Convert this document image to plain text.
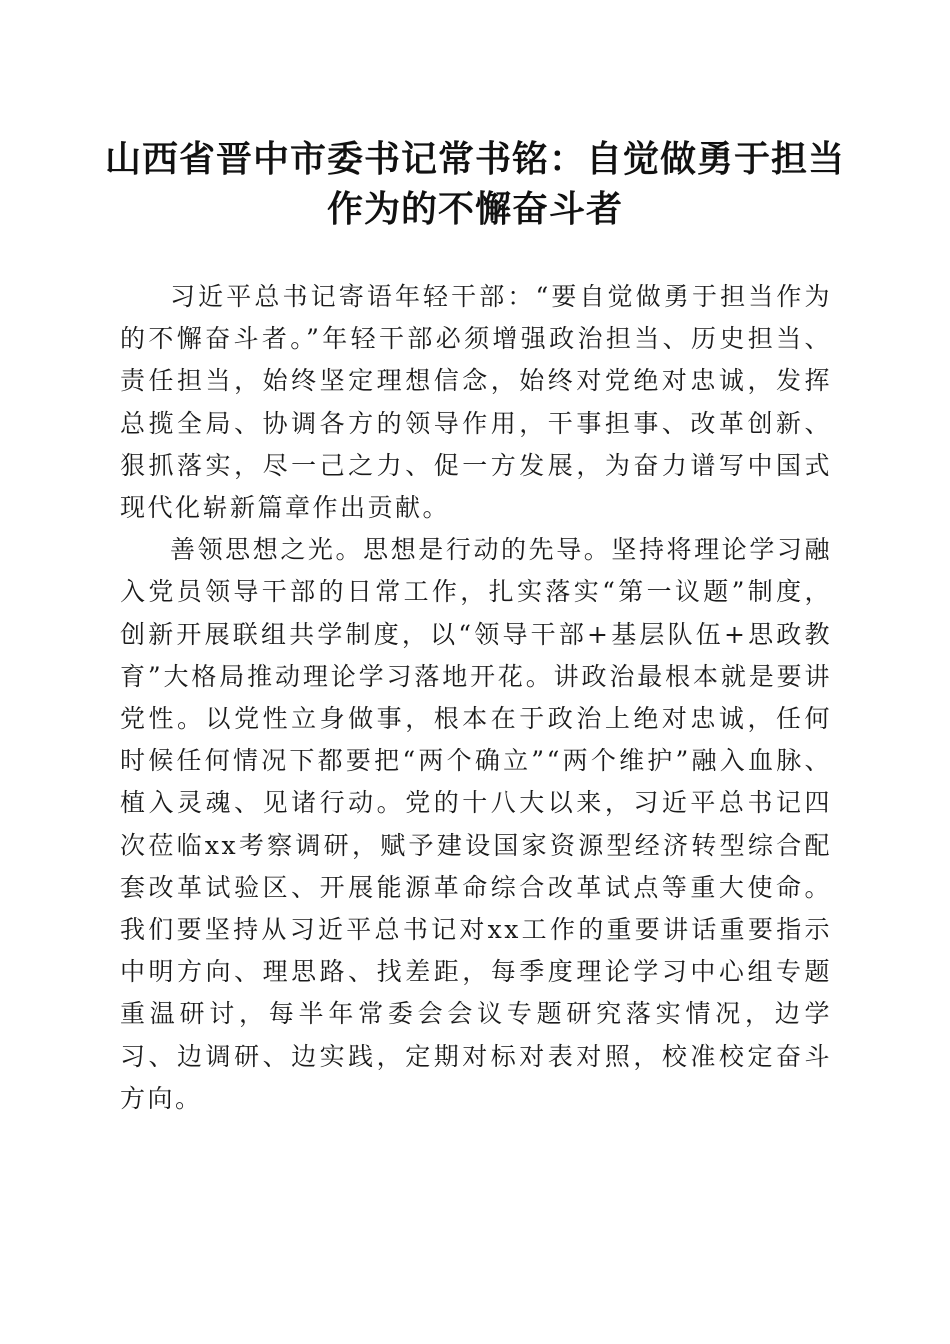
山西省晋中市委书记常书铭：自觉做勇于担当
作为的不懈奋斗者

习近平总书记寄语年轻干部：“要自觉做勇于担当作为的不懈奋斗者。”年轻干部必须增强政治担当、历史担当、责任担当，始终坚定理想信念，始终对党绝对忠诚，发挥总揽全局、协调各方的领导作用，干事担事、改革创新、狠抓落实，尽一己之力、促一方发展，为奋力谱写中国式现代化崭新篇章作出贡献。

善领思想之光。思想是行动的先导。坚持将理论学习融入党员领导干部的日常工作，扎实落实“第一议题”制度，创新开展联组共学制度，以“领导干部+基层队伍+思政教育”大格局推动理论学习落地开花。讲政治最根本就是要讲党性。以党性立身做事，根本在于政治上绝对忠诚，任何时候任何情况下都要把“两个确立”“两个维护”融入血脉、植入灵魂、见诸行动。党的十八大以来，习近平总书记四次莅临xx考察调研，赋予建设国家资源型经济转型综合配套改革试验区、开展能源革命综合改革试点等重大使命。我们要坚持从习近平总书记对xx工作的重要讲话重要指示中明方向、理思路、找差距，每季度理论学习中心组专题重温研讨，每半年常委会会议专题研究落实情况，边学习、边调研、边实践，定期对标对表对照，校准校定奋斗方向。
